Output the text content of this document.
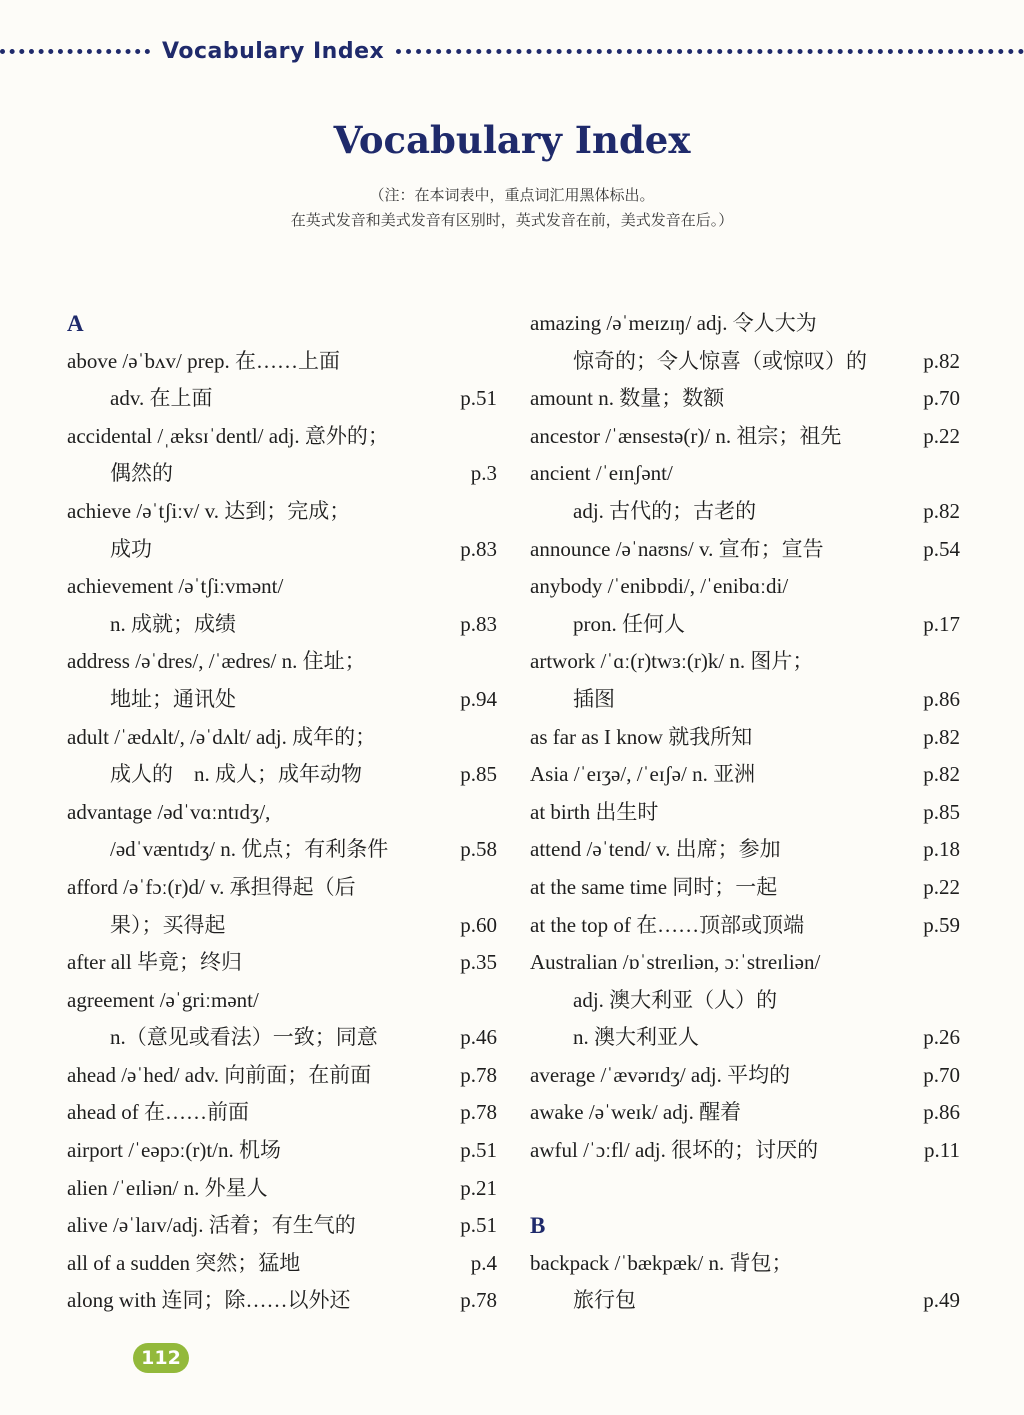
Vocabulary Index
Vocabulary Index
（注：在本词表中，重点词汇用黑体标出。
在英式发音和美式发音有区别时，英式发音在前，美式发音在后。）
A
above /əˈbʌv/ prep. 在……上面
adv. 在上面	p.51
accidental /ˌæksɪˈdentl/ adj. 意外的；
偶然的	p.3
achieve /əˈtʃiːv/ v. 达到；完成；
成功	p.83
achievement /əˈtʃiːvmənt/
n. 成就；成绩	p.83
address /əˈdres/, /ˈædres/ n. 住址；
地址；通讯处	p.94
adult /ˈædʌlt/, /əˈdʌlt/ adj. 成年的；
成人的　n. 成人；成年动物	p.85
advantage /ədˈvɑːntɪdʒ/,
/ədˈvæntɪdʒ/ n. 优点；有利条件	p.58
afford /əˈfɔː(r)d/ v. 承担得起（后
果）；买得起	p.60
after all 毕竟；终归	p.35
agreement /əˈgriːmənt/
n.（意见或看法）一致；同意	p.46
ahead /əˈhed/ adv. 向前面；在前面	p.78
ahead of 在……前面	p.78
airport /ˈeəpɔː(r)t/n. 机场	p.51
alien /ˈeɪliən/ n. 外星人	p.21
alive /əˈlaɪv/adj. 活着；有生气的	p.51
all of a sudden 突然；猛地	p.4
along with 连同；除……以外还	p.78
amazing /əˈmeɪzɪŋ/ adj. 令人大为
惊奇的；令人惊喜（或惊叹）的	p.82
amount n. 数量；数额	p.70
ancestor /ˈænsestə(r)/ n. 祖宗；祖先	p.22
ancient /ˈeɪnʃənt/
adj. 古代的；古老的	p.82
announce /əˈnaʊns/ v. 宣布；宣告	p.54
anybody /ˈenibɒdi/, /ˈenibɑːdi/
pron. 任何人	p.17
artwork /ˈɑː(r)twɜː(r)k/ n. 图片；
插图	p.86
as far as I know 就我所知	p.82
Asia /ˈeɪʒə/, /ˈeɪʃə/ n. 亚洲	p.82
at birth 出生时	p.85
attend /əˈtend/ v. 出席；参加	p.18
at the same time 同时；一起	p.22
at the top of 在……顶部或顶端	p.59
Australian /ɒˈstreɪliən, ɔːˈstreɪliən/
adj. 澳大利亚（人）的
n. 澳大利亚人	p.26
average /ˈævərɪdʒ/ adj. 平均的	p.70
awake /əˈweɪk/ adj. 醒着	p.86
awful /ˈɔːfl/ adj. 很坏的；讨厌的	p.11
B
backpack /ˈbækpæk/ n. 背包；
旅行包	p.49
112
